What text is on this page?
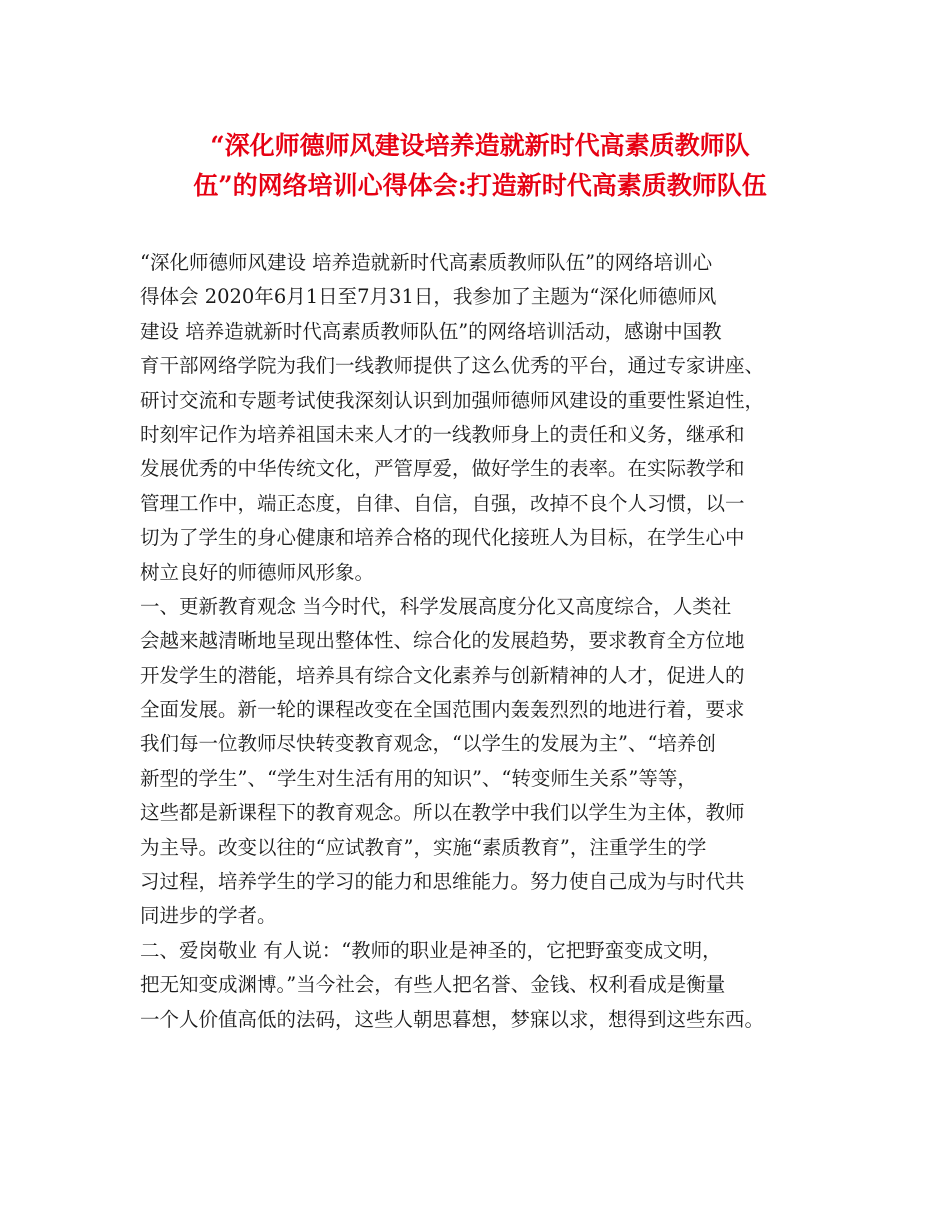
“深化师德师风建设培养造就新时代高素质教师队
伍”的网络培训心得体会:打造新时代高素质教师队伍
“深化师德师风建设 培养造就新时代高素质教师队伍”的网络培训心
得体会 2020年6月1日至7月31日，我参加了主题为“深化师德师风
建设 培养造就新时代高素质教师队伍”的网络培训活动，感谢中国教
育干部网络学院为我们一线教师提供了这么优秀的平台，通过专家讲座、
研讨交流和专题考试使我深刻认识到加强师德师风建设的重要性紧迫性，
时刻牢记作为培养祖国未来人才的一线教师身上的责任和义务，继承和
发展优秀的中华传统文化，严管厚爱，做好学生的表率。在实际教学和
管理工作中，端正态度，自律、自信，自强，改掉不良个人习惯，以一
切为了学生的身心健康和培养合格的现代化接班人为目标，在学生心中
树立良好的师德师风形象。
一、更新教育观念 当今时代，科学发展高度分化又高度综合，人类社
会越来越清晰地呈现出整体性、综合化的发展趋势，要求教育全方位地
开发学生的潜能，培养具有综合文化素养与创新精神的人才，促进人的
全面发展。新一轮的课程改变在全国范围内轰轰烈烈的地进行着，要求
我们每一位教师尽快转变教育观念，“以学生的发展为主”、“培养创
新型的学生”、“学生对生活有用的知识”、“转变师生关系”等等，
这些都是新课程下的教育观念。所以在教学中我们以学生为主体，教师
为主导。改变以往的“应试教育”，实施“素质教育”，注重学生的学
习过程，培养学生的学习的能力和思维能力。努力使自己成为与时代共
同进步的学者。
二、爱岗敬业 有人说：“教师的职业是神圣的，它把野蛮变成文明，
把无知变成渊博。”当今社会，有些人把名誉、金钱、权利看成是衡量
一个人价值高低的法码，这些人朝思暮想，梦寐以求，想得到这些东西。
